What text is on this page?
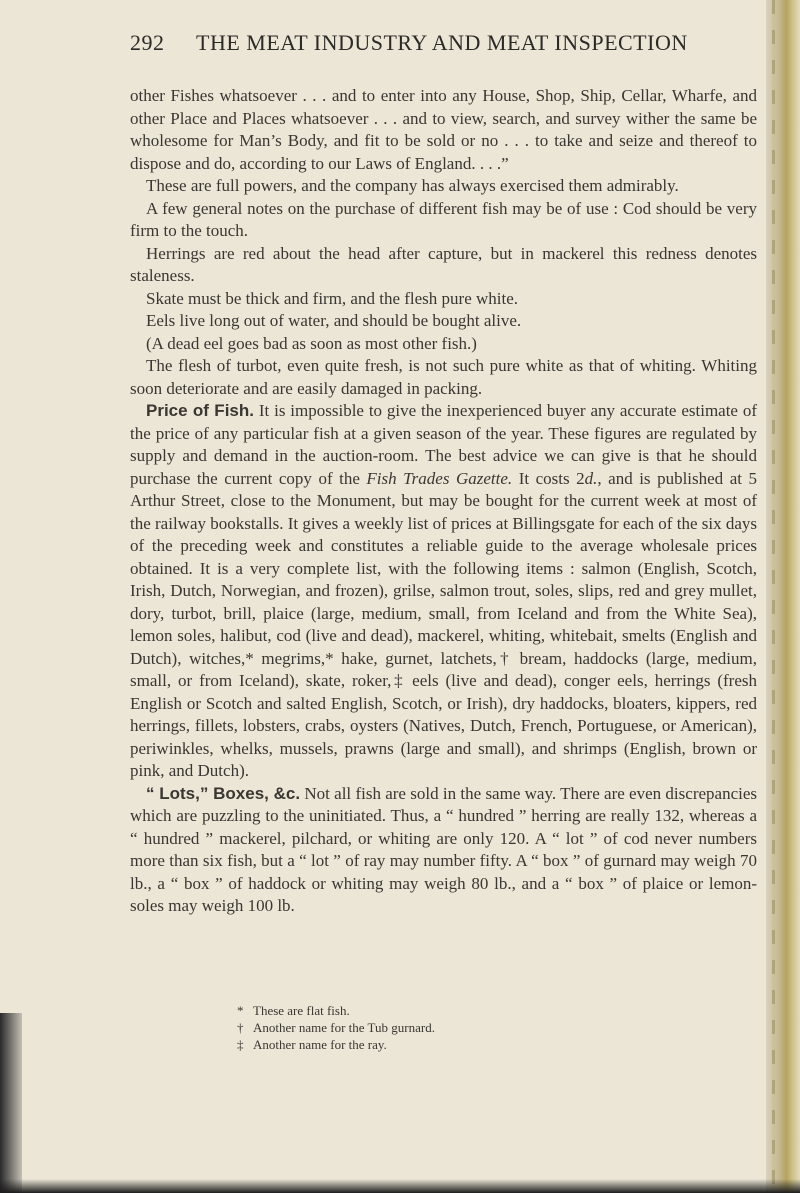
292 THE MEAT INDUSTRY AND MEAT INSPECTION

other Fishes whatsoever . . . and to enter into any House, Shop, Ship, Cellar, Wharfe, and other Place and Places whatsoever . . . and to view, search, and survey wither the same be wholesome for Man’s Body, and fit to be sold or no . . . to take and seize and thereof to dispose and do, according to our Laws of England. . . .”

These are full powers, and the company has always exercised them admirably.

A few general notes on the purchase of different fish may be of use : Cod should be very firm to the touch.

Herrings are red about the head after capture, but in mackerel this redness denotes staleness.

Skate must be thick and firm, and the flesh pure white.

Eels live long out of water, and should be bought alive.

(A dead eel goes bad as soon as most other fish.)

The flesh of turbot, even quite fresh, is not such pure white as that of whiting. Whiting soon deteriorate and are easily damaged in packing.

Price of Fish. It is impossible to give the inexperienced buyer any accurate estimate of the price of any particular fish at a given season of the year. These figures are regulated by supply and demand in the auction-room. The best advice we can give is that he should purchase the current copy of the Fish Trades Gazette. It costs 2d., and is published at 5 Arthur Street, close to the Monument, but may be bought for the current week at most of the railway bookstalls. It gives a weekly list of prices at Billingsgate for each of the six days of the preceding week and constitutes a reliable guide to the average wholesale prices obtained. It is a very complete list, with the following items : salmon (English, Scotch, Irish, Dutch, Norwegian, and frozen), grilse, salmon trout, soles, slips, red and grey mullet, dory, turbot, brill, plaice (large, medium, small, from Iceland and from the White Sea), lemon soles, halibut, cod (live and dead), mackerel, whiting, whitebait, smelts (English and Dutch), witches,* megrims,* hake, gurnet, latchets,† bream, haddocks (large, medium, small, or from Iceland), skate, roker,‡ eels (live and dead), conger eels, herrings (fresh English or Scotch and salted English, Scotch, or Irish), dry haddocks, bloaters, kippers, red herrings, fillets, lobsters, crabs, oysters (Natives, Dutch, French, Portuguese, or American), periwinkles, whelks, mussels, prawns (large and small), and shrimps (English, brown or pink, and Dutch).

“ Lots,” Boxes, &c. Not all fish are sold in the same way. There are even discrepancies which are puzzling to the uninitiated. Thus, a “ hundred ” herring are really 132, whereas a “ hundred ” mackerel, pilchard, or whiting are only 120. A “ lot ” of cod never numbers more than six fish, but a “ lot ” of ray may number fifty. A “ box ” of gurnard may weigh 70 lb., a “ box ” of haddock or whiting may weigh 80 lb., and a “ box ” of plaice or lemon-soles may weigh 100 lb.

* These are flat fish.
† Another name for the Tub gurnard.
‡ Another name for the ray.
